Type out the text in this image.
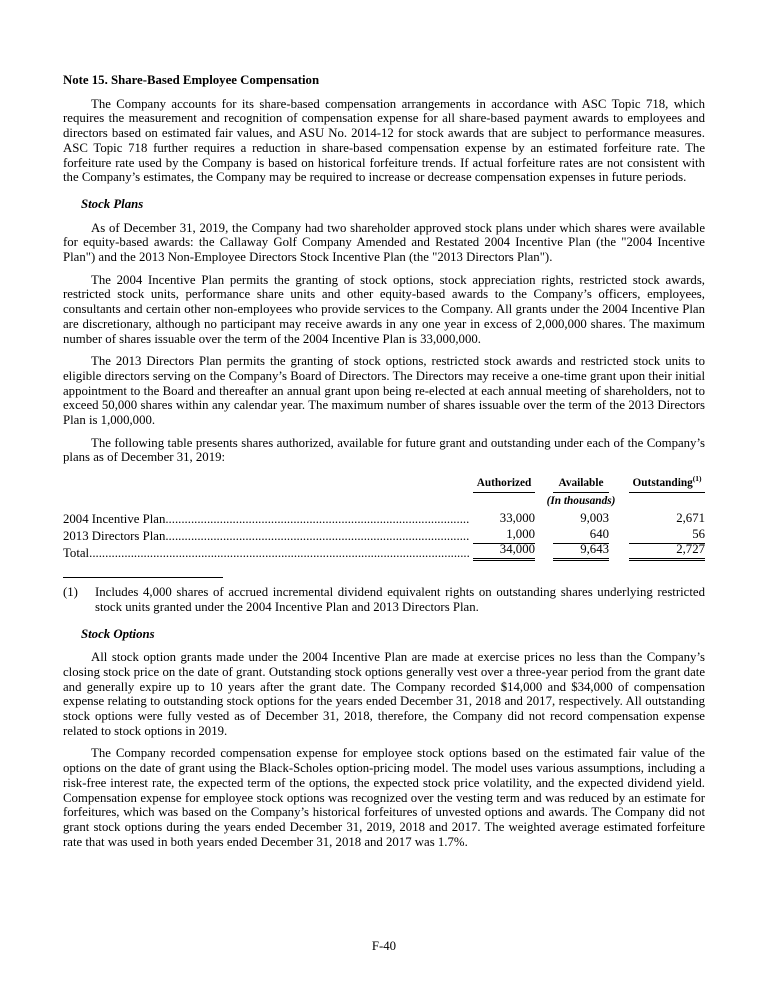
Note 15. Share-Based Employee Compensation

The Company accounts for its share-based compensation arrangements in accordance with ASC Topic 718, which requires the measurement and recognition of compensation expense for all share-based payment awards to employees and directors based on estimated fair values, and ASU No. 2014-12 for stock awards that are subject to performance measures. ASC Topic 718 further requires a reduction in share-based compensation expense by an estimated forfeiture rate. The forfeiture rate used by the Company is based on historical forfeiture trends. If actual forfeiture rates are not consistent with the Company’s estimates, the Company may be required to increase or decrease compensation expenses in future periods.

Stock Plans

As of December 31, 2019, the Company had two shareholder approved stock plans under which shares were available for equity-based awards: the Callaway Golf Company Amended and Restated 2004 Incentive Plan (the "2004 Incentive Plan") and the 2013 Non-Employee Directors Stock Incentive Plan (the "2013 Directors Plan").

The 2004 Incentive Plan permits the granting of stock options, stock appreciation rights, restricted stock awards, restricted stock units, performance share units and other equity-based awards to the Company’s officers, employees, consultants and certain other non-employees who provide services to the Company. All grants under the 2004 Incentive Plan are discretionary, although no participant may receive awards in any one year in excess of 2,000,000 shares. The maximum number of shares issuable over the term of the 2004 Incentive Plan is 33,000,000.

The 2013 Directors Plan permits the granting of stock options, restricted stock awards and restricted stock units to eligible directors serving on the Company’s Board of Directors. The Directors may receive a one-time grant upon their initial appointment to the Board and thereafter an annual grant upon being re-elected at each annual meeting of shareholders, not to exceed 50,000 shares within any calendar year. The maximum number of shares issuable over the term of the 2013 Directors Plan is 1,000,000.

The following table presents shares authorized, available for future grant and outstanding under each of the Company’s plans as of December 31, 2019:

Authorized	Available	Outstanding$^{(1)}$
(In thousands)
2004 Incentive Plan .....	33,000	9,003	2,671
2013 Directors Plan .....	1,000	640	56
Total .....	34,000	9,643	2,727
(1)	Includes 4,000 shares of accrued incremental dividend equivalent rights on outstanding shares underlying restricted stock units granted under the 2004 Incentive Plan and 2013 Directors Plan.
Stock Options

All stock option grants made under the 2004 Incentive Plan are made at exercise prices no less than the Company’s closing stock price on the date of grant. Outstanding stock options generally vest over a three-year period from the grant date and generally expire up to 10 years after the grant date. The Company recorded $14,000 and $34,000 of compensation expense relating to outstanding stock options for the years ended December 31, 2018 and 2017, respectively. All outstanding stock options were fully vested as of December 31, 2018, therefore, the Company did not record compensation expense related to stock options in 2019.

The Company recorded compensation expense for employee stock options based on the estimated fair value of the options on the date of grant using the Black-Scholes option-pricing model. The model uses various assumptions, including a risk-free interest rate, the expected term of the options, the expected stock price volatility, and the expected dividend yield. Compensation expense for employee stock options was recognized over the vesting term and was reduced by an estimate for forfeitures, which was based on the Company’s historical forfeitures of unvested options and awards. The Company did not grant stock options during the years ended December 31, 2019, 2018 and 2017. The weighted average estimated forfeiture rate that was used in both years ended December 31, 2018 and 2017 was 1.7%.

F-40
